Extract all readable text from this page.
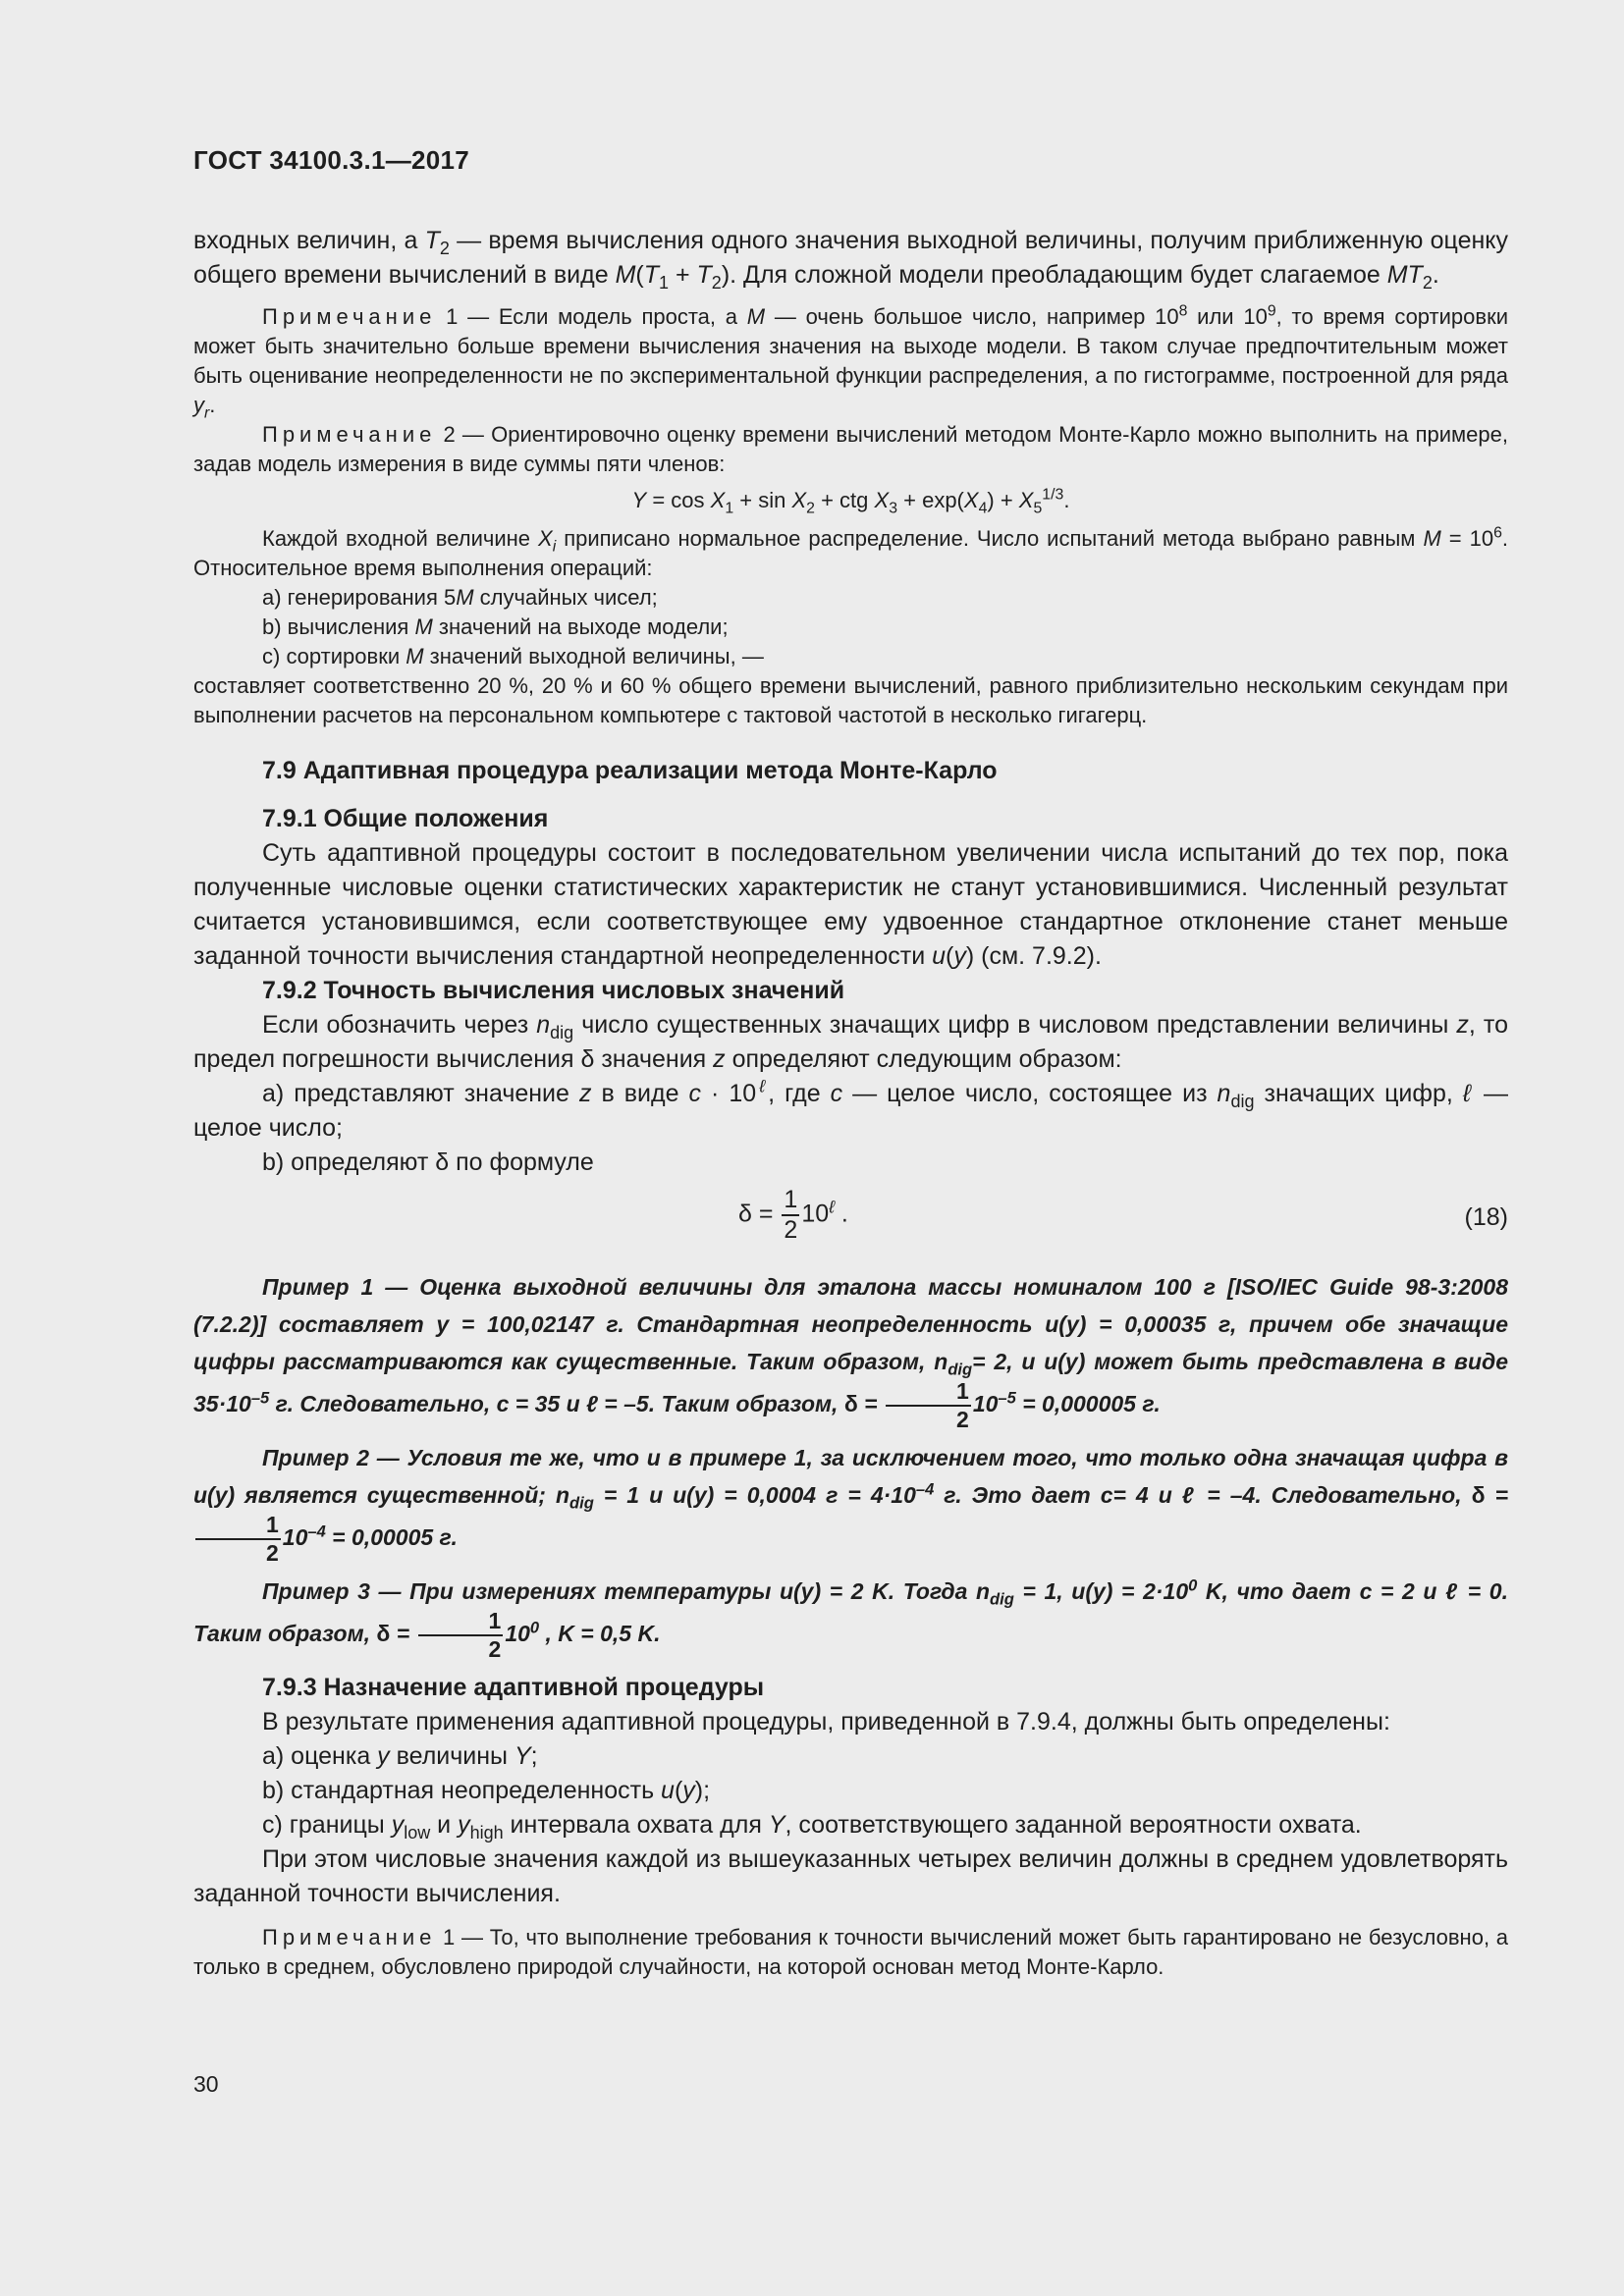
ГОСТ 34100.3.1—2017

входных величин, а $T_2$ — время вычисления одного значения выходной величины, получим приближенную оценку общего времени вычислений в виде $M(T_1 + T_2)$. Для сложной модели преобладающим будет слагаемое $MT_2$.

Примечание 1 — Если модель проста, а M — очень большое число, например $10^8$ или $10^9$, то время сортировки может быть значительно больше времени вычисления значения на выходе модели. В таком случае предпочтительным может быть оценивание неопределенности не по экспериментальной функции распределения, а по гистограмме, построенной для ряда $y_r$.

Примечание 2 — Ориентировочно оценку времени вычислений методом Монте-Карло можно выполнить на примере, задав модель измерения в виде суммы пяти членов:

$Y = \cos X_1 + \sin X_2$ + ctg $X_3 + \exp(X_4) + X_5^{1/3}$.

Каждой входной величине $X_i$ приписано нормальное распределение. Число испытаний метода выбрано равным $M = 10^6$. Относительное время выполнения операций:

a) генерирования 5M случайных чисел;

b) вычисления M значений на выходе модели;

c) сортировки M значений выходной величины, —

составляет соответственно 20 %, 20 % и 60 % общего времени вычислений, равного приблизительно нескольким секундам при выполнении расчетов на персональном компьютере с тактовой частотой в несколько гигагерц.

7.9 Адаптивная процедура реализации метода Монте-Карло

7.9.1 Общие положения

Суть адаптивной процедуры состоит в последовательном увеличении числа испытаний до тех пор, пока полученные числовые оценки статистических характеристик не станут установившимися. Численный результат считается установившимся, если соответствующее ему удвоенное стандартное отклонение станет меньше заданной точности вычисления стандартной неопределенности u(y) (см. 7.9.2).

7.9.2 Точность вычисления числовых значений

Если обозначить через $n_{dig}$ число существенных значащих цифр в числовом представлении величины z, то предел погрешности вычисления δ значения z определяют следующим образом:

a) представляют значение z в виде $c \cdot 10^\ell$, где c — целое число, состоящее из $n_{dig}$ значащих цифр, ℓ — целое число;

b) определяют δ по формуле

$\delta = \frac{1}{2} 10^\ell$ .	(18)

Пример 1 — Оценка выходной величины для эталона массы номиналом 100 г [ISO/IEC Guide 98-3:2008 (7.2.2)] составляет y = 100,02147 г. Стандартная неопределенность u(y) = 0,00035 г, причем обе значащие цифры рассматриваются как существенные. Таким образом, $n_{dig}= 2$, и u(y) может быть представлена в виде $35\cdot 10^{-5}$ г. Следовательно, c = 35 и ℓ = –5. Таким образом, $\delta = \frac{1}{2} 10^{-5} = 0,000005$ г.

Пример 2 — Условия те же, что и в примере 1, за исключением того, что только одна значащая цифра в u(y) является существенной; $n_{dig} = 1$ и u(y) = 0,0004 $г = 4\cdot 10^{-4}$ г. Это дает c= 4 и ℓ = –4. Следовательно, δ =
$\frac{1}{2} 10^{-4} = 0,00005$ г.

Пример 3 — При измерениях температуры u(y) = 2 K. Тогда $n_{dig} = 1$, $u(y) = 2\cdot 10^0$ K, что дает c = 2 и ℓ = 0. Таким образом, $\delta = \frac{1}{2} 10^0$ , K = 0,5 K.

7.9.3 Назначение адаптивной процедуры

В результате применения адаптивной процедуры, приведенной в 7.9.4, должны быть определены:

a) оценка y величины Y;

b) стандартная неопределенность u(y);

c) границы $y_{low}$ и $y_{high}$ интервала охвата для Y, соответствующего заданной вероятности охвата.

При этом числовые значения каждой из вышеуказанных четырех величин должны в среднем удовлетворять заданной точности вычисления.

Примечание 1 — То, что выполнение требования к точности вычислений может быть гарантировано не безусловно, а только в среднем, обусловлено природой случайности, на которой основан метод Монте-Карло.

30
